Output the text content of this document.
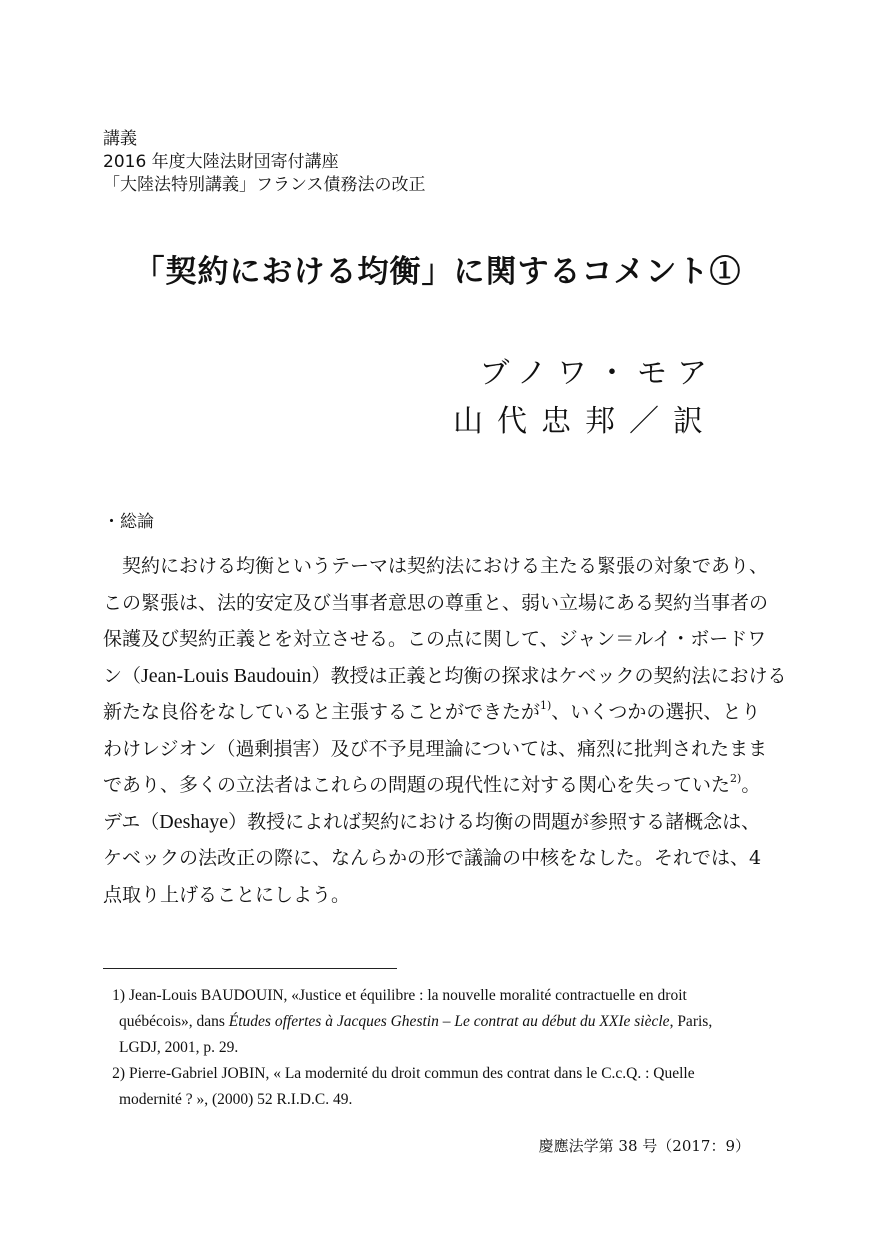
講義
2016 年度大陸法財団寄付講座
「大陸法特別講義」フランス債務法の改正
「契約における均衡」に関するコメント①
ブノワ・モア
山代忠邦／訳
・総論
　契約における均衡というテーマは契約法における主たる緊張の対象であり、
この緊張は、法的安定及び当事者意思の尊重と、弱い立場にある契約当事者の
保護及び契約正義とを対立させる。この点に関して、ジャン＝ルイ・ボードワ
ン（Jean-Louis Baudouin）教授は正義と均衡の探求はケベックの契約法における
新たな良俗をなしていると主張することができたが$^{1)}$、いくつかの選択、とり
わけレジオン（過剰損害）及び不予見理論については、痛烈に批判されたまま
であり、多くの立法者はこれらの問題の現代性に対する関心を失っていた$^{2)}$。
デエ（Deshaye）教授によれば契約における均衡の問題が参照する諸概念は、
ケベックの法改正の際に、なんらかの形で議論の中核をなした。それでは、4
点取り上げることにしよう。
1) Jean-Louis BAUDOUIN, «Justice et équilibre : la nouvelle moralité contractuelle en droit
québécois», dans Études offertes à Jacques Ghestin – Le contrat au début du XXIe siècle, Paris,
LGDJ, 2001, p. 29.
2) Pierre-Gabriel JOBIN, « La modernité du droit commun des contrat dans le C.c.Q. : Quelle
modernité ? », (2000) 52 R.I.D.C. 49.
慶應法学第 38 号（2017：9）
